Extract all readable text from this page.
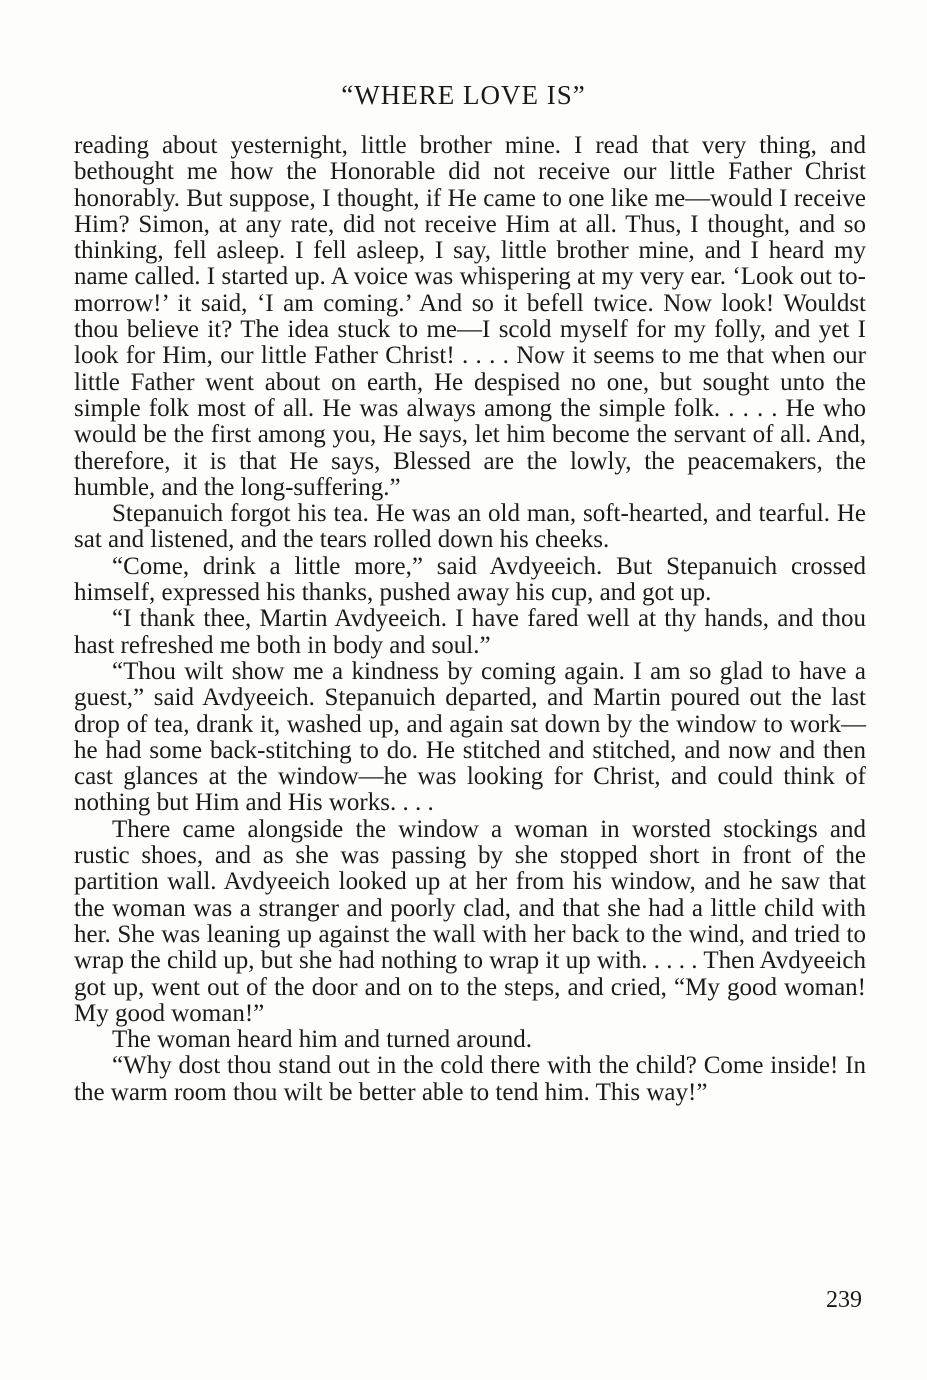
“WHERE LOVE IS”

reading about yesternight, little brother mine. I read that very thing, and bethought me how the Honorable did not receive our little Father Christ honorably. But suppose, I thought, if He came to one like me—would I receive Him? Simon, at any rate, did not receive Him at all. Thus, I thought, and so thinking, fell asleep. I fell asleep, I say, little brother mine, and I heard my name called. I started up. A voice was whispering at my very ear. ‘Look out to-morrow!’ it said, ‘I am coming.’ And so it befell twice. Now look! Wouldst thou believe it? The idea stuck to me—I scold myself for my folly, and yet I look for Him, our little Father Christ! . . . . Now it seems to me that when our little Father went about on earth, He despised no one, but sought unto the simple folk most of all. He was always among the simple folk. . . . . He who would be the first among you, He says, let him become the servant of all. And, therefore, it is that He says, Blessed are the lowly, the peacemakers, the humble, and the long-suffering.”

Stepanuich forgot his tea. He was an old man, soft-hearted, and tearful. He sat and listened, and the tears rolled down his cheeks.

“Come, drink a little more,” said Avdyeeich. But Stepanuich crossed himself, expressed his thanks, pushed away his cup, and got up.

“I thank thee, Martin Avdyeeich. I have fared well at thy hands, and thou hast refreshed me both in body and soul.”

“Thou wilt show me a kindness by coming again. I am so glad to have a guest,” said Avdyeeich. Stepanuich departed, and Martin poured out the last drop of tea, drank it, washed up, and again sat down by the window to work—he had some back-stitching to do. He stitched and stitched, and now and then cast glances at the window—he was looking for Christ, and could think of nothing but Him and His works. . . .

There came alongside the window a woman in worsted stockings and rustic shoes, and as she was passing by she stopped short in front of the partition wall. Avdyeeich looked up at her from his window, and he saw that the woman was a stranger and poorly clad, and that she had a little child with her. She was leaning up against the wall with her back to the wind, and tried to wrap the child up, but she had nothing to wrap it up with. . . . . Then Avdyeeich got up, went out of the door and on to the steps, and cried, “My good woman! My good woman!”

The woman heard him and turned around.

“Why dost thou stand out in the cold there with the child? Come inside! In the warm room thou wilt be better able to tend him. This way!”

239
